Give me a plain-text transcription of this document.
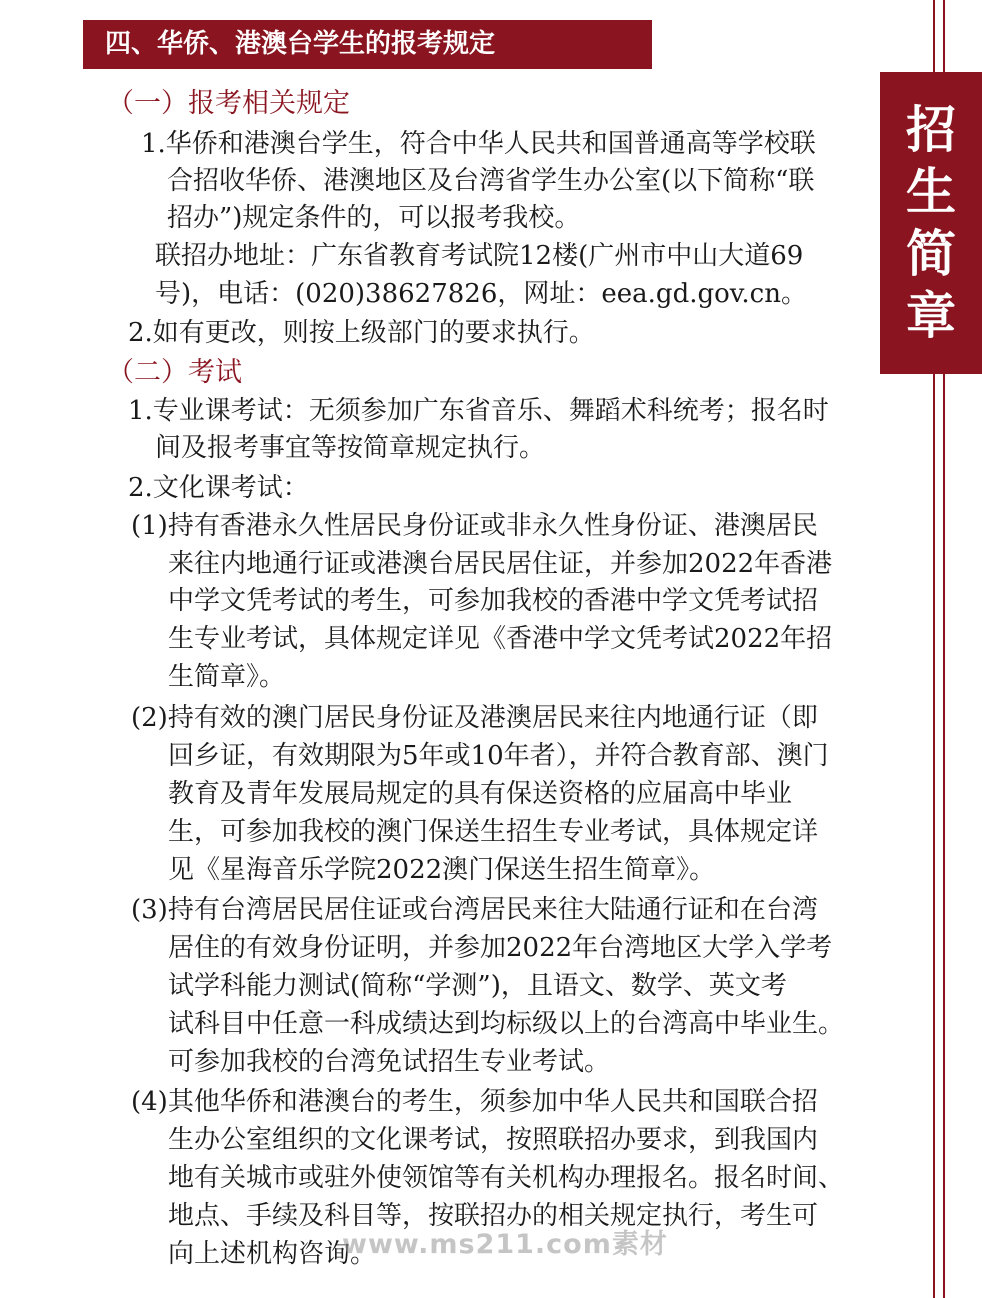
招
生
简
章
四、华侨、港澳台学生的报考规定
（一）报考相关规定
1.华侨和港澳台学生，符合中华人民共和国普通高等学校联
合招收华侨、港澳地区及台湾省学生办公室(以下简称“联
招办”)规定条件的，可以报考我校。
联招办地址：广东省教育考试院12楼(广州市中山大道69
号)，电话：(020)38627826，网址：eea.gd.gov.cn。
2.如有更改，则按上级部门的要求执行。
（二）考试
1.专业课考试：无须参加广东省音乐、舞蹈术科统考；报名时
间及报考事宜等按简章规定执行。
2.文化课考试：
(1)持有香港永久性居民身份证或非永久性身份证、港澳居民
来往内地通行证或港澳台居民居住证，并参加2022年香港
中学文凭考试的考生，可参加我校的香港中学文凭考试招
生专业考试，具体规定详见《香港中学文凭考试2022年招
生简章》。
(2)持有效的澳门居民身份证及港澳居民来往内地通行证（即
回乡证，有效期限为5年或10年者），并符合教育部、澳门
教育及青年发展局规定的具有保送资格的应届高中毕业
生，可参加我校的澳门保送生招生专业考试，具体规定详
见《星海音乐学院2022澳门保送生招生简章》。
(3)持有台湾居民居住证或台湾居民来往大陆通行证和在台湾
居住的有效身份证明，并参加2022年台湾地区大学入学考
试学科能力测试(简称“学测”)，且语文、数学、英文考
试科目中任意一科成绩达到均标级以上的台湾高中毕业生。
可参加我校的台湾免试招生专业考试。
(4)其他华侨和港澳台的考生，须参加中华人民共和国联合招
生办公室组织的文化课考试，按照联招办要求，到我国内
地有关城市或驻外使领馆等有关机构办理报名。报名时间、
地点、手续及科目等，按联招办的相关规定执行，考生可
向上述机构咨询。
www.ms211.com素材
